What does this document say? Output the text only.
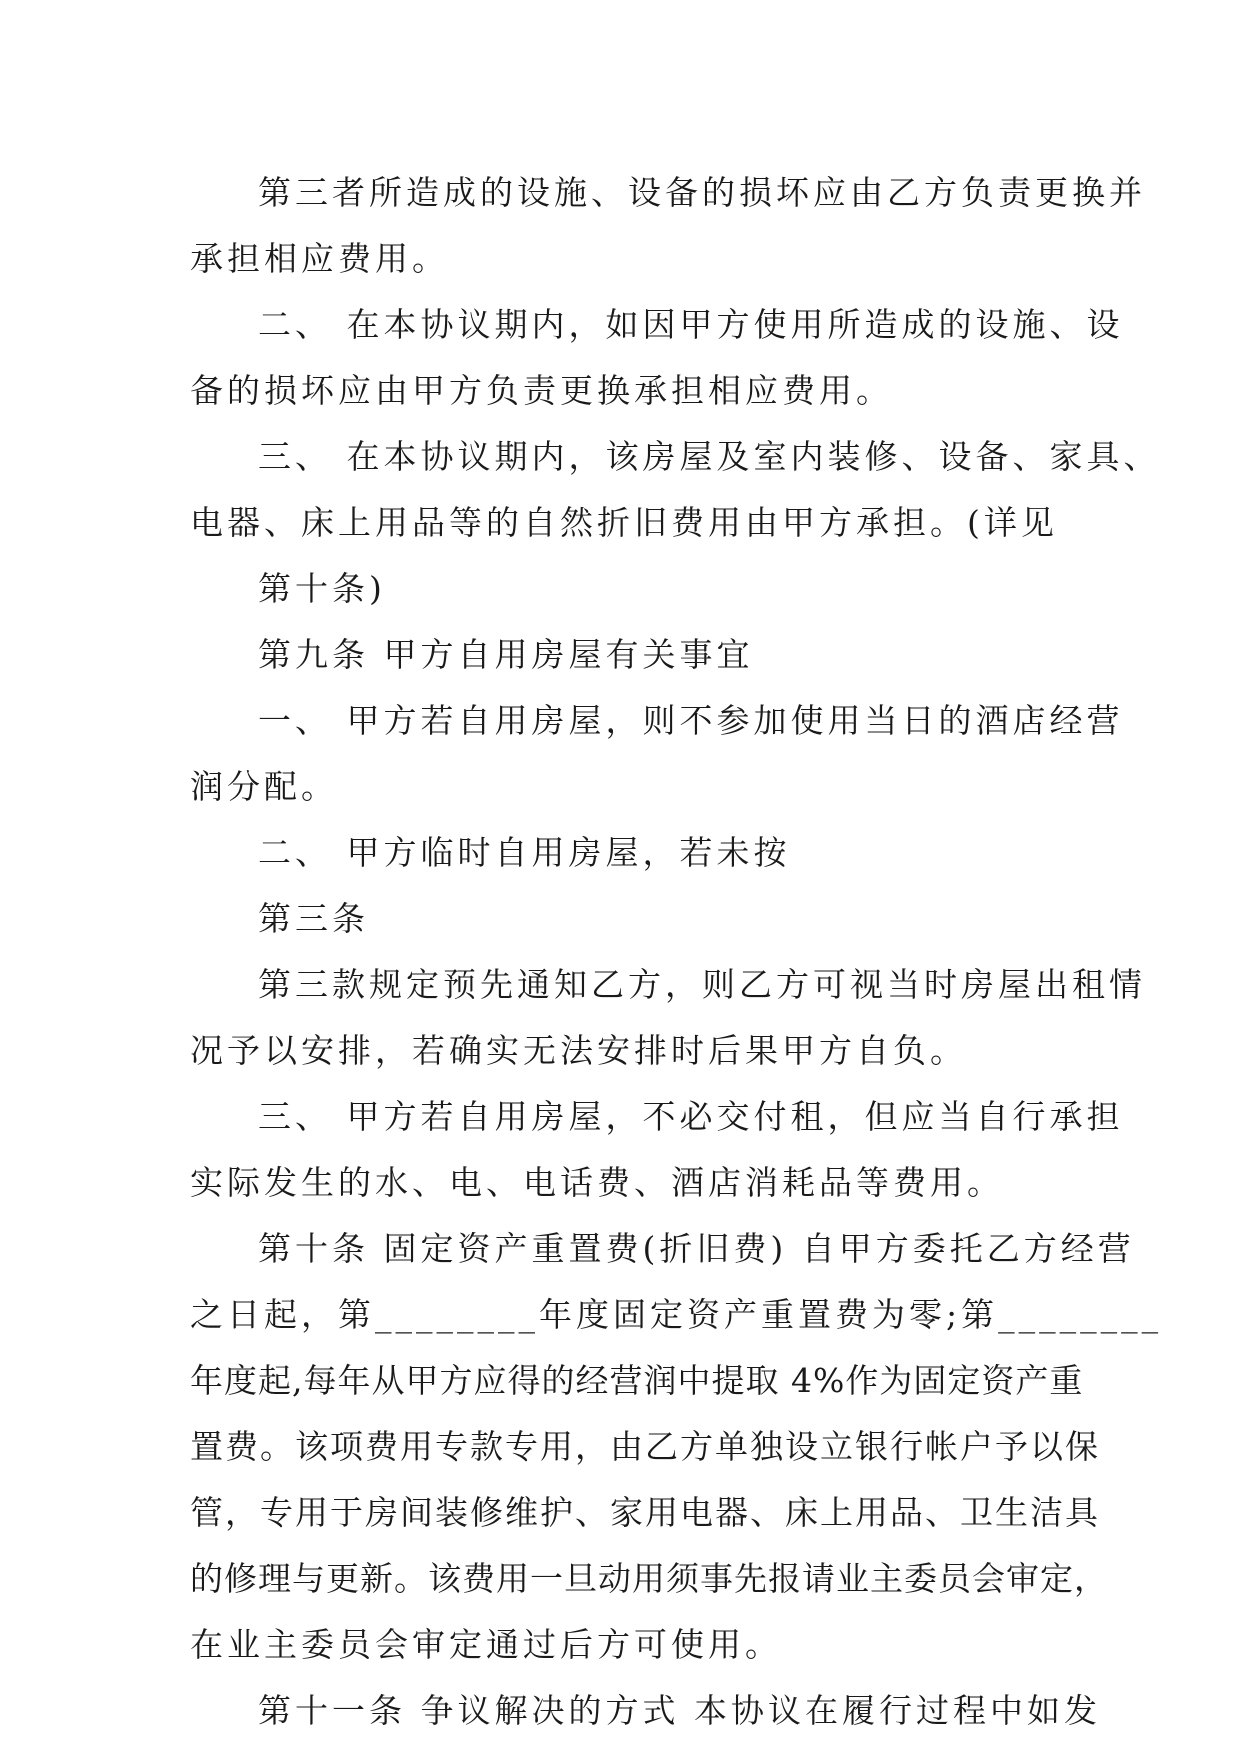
第三者所造成的设施、设备的损坏应由乙方负责更换并
承担相应费用。
二、 在本协议期内，如因甲方使用所造成的设施、设
备的损坏应由甲方负责更换承担相应费用。
三、 在本协议期内，该房屋及室内装修、设备、家具、
电器、床上用品等的自然折旧费用由甲方承担。(详见
第十条)
第九条 甲方自用房屋有关事宜
一、 甲方若自用房屋，则不参加使用当日的酒店经营
润分配。
二、 甲方临时自用房屋，若未按
第三条
第三款规定预先通知乙方，则乙方可视当时房屋出租情
况予以安排，若确实无法安排时后果甲方自负。
三、 甲方若自用房屋，不必交付租，但应当自行承担
实际发生的水、电、电话费、酒店消耗品等费用。
第十条 固定资产重置费(折旧费) 自甲方委托乙方经营
之日起，第________年度固定资产重置费为零;第________
年度起,每年从甲方应得的经营润中提取 4%作为固定资产重
置费。该项费用专款专用，由乙方单独设立银行帐户予以保
管，专用于房间装修维护、家用电器、床上用品、卫生洁具
的修理与更新。该费用一旦动用须事先报请业主委员会审定，
在业主委员会审定通过后方可使用。
第十一条 争议解决的方式 本协议在履行过程中如发
